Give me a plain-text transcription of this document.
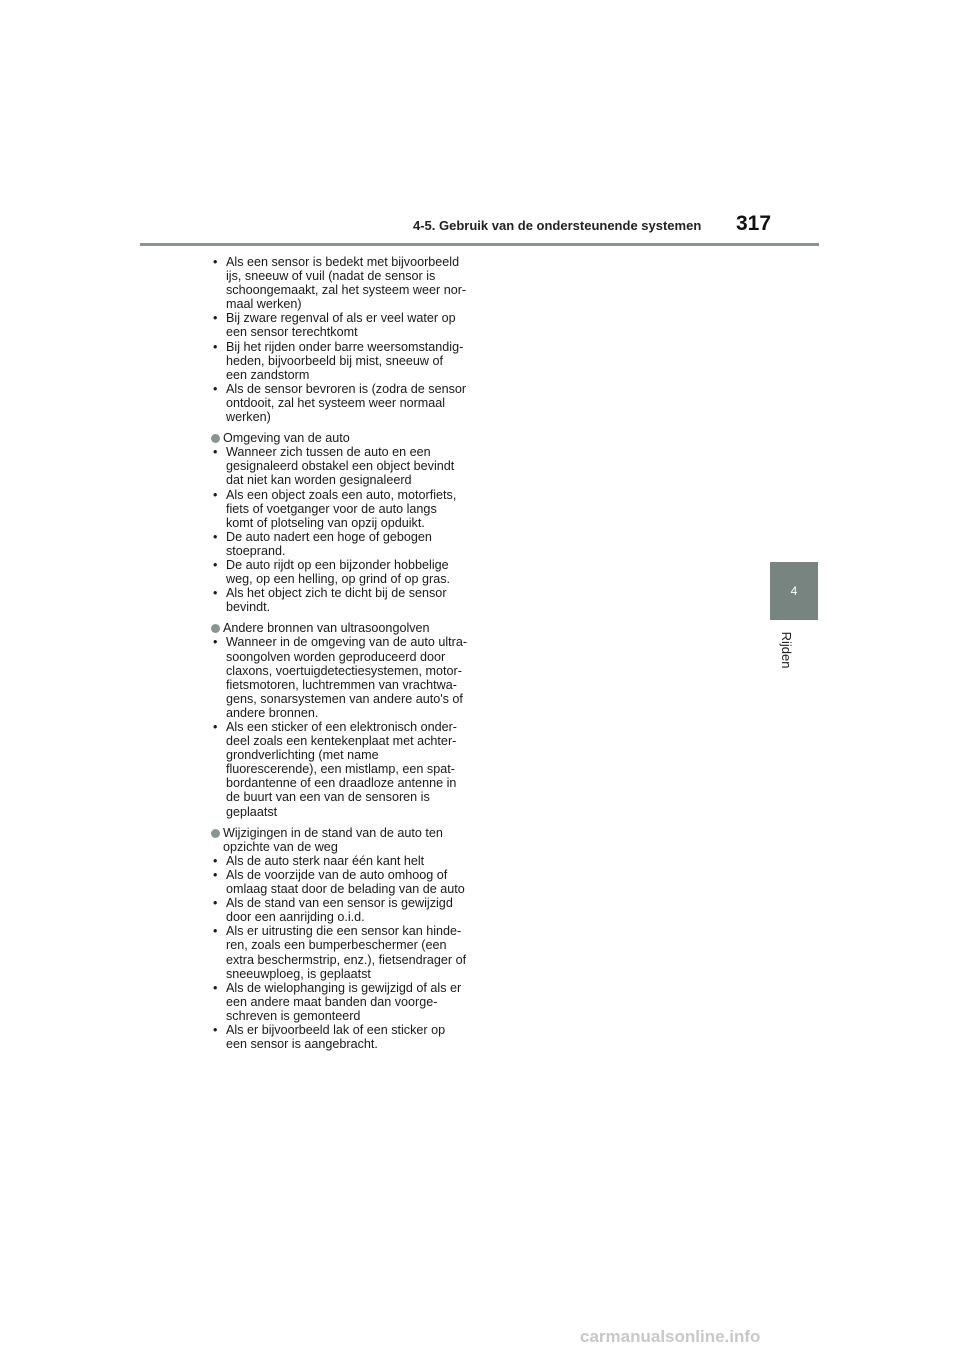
4-5. Gebruik van de ondersteunende systemen 317
4
Rijden
• Als een sensor is bedekt met bijvoorbeeld
ijs, sneeuw of vuil (nadat de sensor is
schoongemaakt, zal het systeem weer nor-
maal werken)
• Bij zware regenval of als er veel water op
een sensor terechtkomt
• Bij het rijden onder barre weersomstandig-
heden, bijvoorbeeld bij mist, sneeuw of
een zandstorm
• Als de sensor bevroren is (zodra de sensor
ontdooit, zal het systeem weer normaal
werken)
Omgeving van de auto
• Wanneer zich tussen de auto en een
gesignaleerd obstakel een object bevindt
dat niet kan worden gesignaleerd
• Als een object zoals een auto, motorfiets,
fiets of voetganger voor de auto langs
komt of plotseling van opzij opduikt.
• De auto nadert een hoge of gebogen
stoeprand.
• De auto rijdt op een bijzonder hobbelige
weg, op een helling, op grind of op gras.
• Als het object zich te dicht bij de sensor
bevindt.
Andere bronnen van ultrasoongolven
• Wanneer in de omgeving van de auto ultra-
soongolven worden geproduceerd door
claxons, voertuigdetectiesystemen, motor-
fietsmotoren, luchtremmen van vrachtwa-
gens, sonarsystemen van andere auto's of
andere bronnen.
• Als een sticker of een elektronisch onder-
deel zoals een kentekenplaat met achter-
grondverlichting (met name
fluorescerende), een mistlamp, een spat-
bordantenne of een draadloze antenne in
de buurt van een van de sensoren is
geplaatst
Wijzigingen in de stand van de auto ten
opzichte van de weg
• Als de auto sterk naar één kant helt
• Als de voorzijde van de auto omhoog of
omlaag staat door de belading van de auto
• Als de stand van een sensor is gewijzigd
door een aanrijding o.i.d.
• Als er uitrusting die een sensor kan hinde-
ren, zoals een bumperbeschermer (een
extra beschermstrip, enz.), fietsendrager of
sneeuwploeg, is geplaatst
• Als de wielophanging is gewijzigd of als er
een andere maat banden dan voorge-
schreven is gemonteerd
• Als er bijvoorbeeld lak of een sticker op
een sensor is aangebracht.
carmanualsonline.info
